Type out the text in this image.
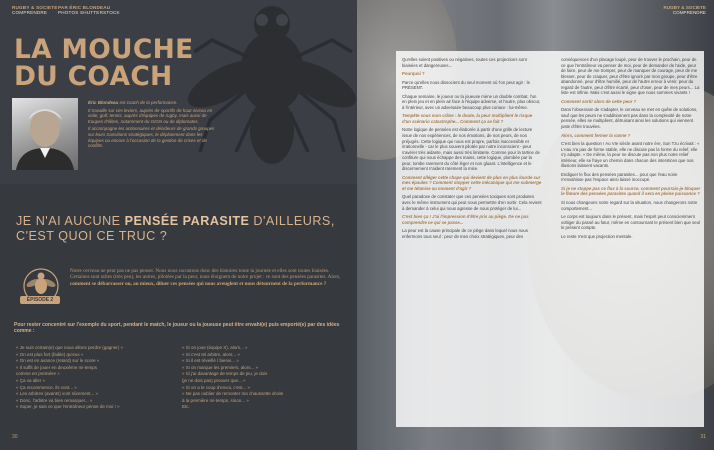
RUGBY & SOCIETE
COMPRENDRE
PAR ÉRIC BLONDEAU
PHOTOS SHUTTERSTOCK
LA MOUCHE
DU COACH

Éric Blondeau est coach de la performance.

Il travaille sur ces leviers, auprès de sportifs de haut niveau en voile, golf, tennis, auprès d'équipes de rugby, mais aussi de troupes d'élites, notamment du GIGN ou de diplomates.

Il accompagne les actionnaires et décideurs de grands groupes sur leurs transitions stratégiques, le déploiement dans les équipes ou encore à l'occasion de la gestion de crises et de conflits.

JE N'AI AUCUNE PENSÉE PARASITE D'AILLEURS, C'EST QUOI CE TRUC ?
ÉPISODE 2
Notre cerveau ne peut pas ne pas penser. Nous nous racontons donc des histoires toute la journée et elles sont toutes biaisées. Certaines sont utiles (très peu), les autres, pilotées par la peur, nous éloignent de notre projet : ce sont des pensées parasites. Alors, comment se débarrasser ou, au mieux, diluer ces pensées qui nous aveuglent et nous détournent de la performance ?
Pour rester concentré sur l'exemple du sport, pendant le match, le joueur ou la joueuse peut être envahi(e) puis emporté(e) par des idées comme :
« Je suis certain(e) que nous allons perdre (gagner) »
« On est plus fort (faible) qu'eux »
« On est en avance (retard) sur le score »
« Il suffit de jouer en deuxième mi-temps
comme en première »
« Ça va aller »
« Ça recommence, ils vont... »
« Les arbitres (avants) vont sûrement... »
« Donc, l'arbitre va bien remarquer... »
« Super, je sais ce que l'entraîneur pense de moi ! »
« Si on joue (équipe X), alors... »
« Si c'est tel arbitre, alors... »
« Si il est réveillé / bienvi... »
« Si on marque les premiers, alors... »
« Si j'ai davantage de temps de jeu, je dois
(je ne dois pas) prouver que... »
« Si on a le coup d'envoi, c'est... »
« Ne pas oublier de remonter ma chaussette droite
à la première mi-temps, sinon... »
Etc.
30
RUGBY & SOCIETE
COMPRENDRE
31

Qu'elles soient positives ou négatives, toutes ces projections sont biaisées et dangereuses...

Pourquoi ?

Parce qu'elles nous dissocient du seul moment où l'on peut agir : le PRÉSENT.

Chaque semaine, le joueur ou la joueuse mène un double combat, l'un en plein jeu et en plein air face à l'équipe adverse, et l'autre, plus obscur, à l'intérieur, avec un adversaire beaucoup plus coriace : lui-même.

Tempête sous mon crâne : le doute, la peur multiplient le risque d'un scénario catastrophe... Comment ça se fait ?

Notre logique de pensées est élaborée à partir d'une grille de lecture issue de nos expériences, de nos émotions, de nos peurs, de nos préjugés. Cette logique qui nous est propre, parfois inaccessible et irrationnelle - car le plus souvent pilotée par notre inconscient - peut s'avérer très aidante, mais aussi très limitante. Comme pour la tartine de confiture qui nous échappe des mains, cette logique, plombée par la peur, tombe rarement du côté léger et non gluant. L'intelligence et le discernement n'aident rarement la mise.

Comment alléger cette chape qui devient de plus en plus lourde sur mes épaules ? Comment stopper cette mécanique qui me submerge et me tétanise au moment d'agir ?

Quel paradoxe de constater que ces pensées toxiques sont produites avec le même instrument qui peut nous permettre d'en sortir. Cela revient à demander à celui qui nous agresse de nous protéger de lui...

C'est bien ça ! J'ai l'impression d'être pris au piège. De ne pas comprendre ce qui se passe...

La peur est la cause principale de ce piège dans lequel nous nous enfermons tous seul : peur de mes choix stratégiques, peur des

conséquences d'un placage loupé, peur de trouver le prochain, peur de ce que l'entraîneur va penser de moi, peur de demander de l'aide, peur de faire, peur de me tromper, peur de manquer de courage, peur de me blesser, peur de craquer, peur d'être ignoré par mon groupe, peur d'être abandonné, peur d'être humilié, peur de l'autre erreur à venir, peur du regard de l'autre, peur d'être écarté, peur d'oser, peur de mes peurs... La liste est infinie. Mais c'est aussi le signe que nous sommes vivants !

Comment sortir alors de cette peur ?

Dans l'obsession de s'adapter, le cerveau se met en quête de solutions, sauf que les peurs ne s'additionnent pas dans la complexité de notre pensée, elles se multiplient, détruisant ainsi les solutions qui viennent juste d'être trouvées.

Alors, comment fermer la vanne ?

C'est bien la question ! Au VIe siècle avant notre ère, Sun Tzu écrivait : « L'eau n'a pas de forme stable, elle ne discute pas la forme du relief, elle s'y adapte. » De même, la peur ne discute pas non plus notre relief intérieur, elle se fraye un chemin dans chacun des interstices que nos illusions laissent vacants.

Endiguer le flux des pensées parasites... pour que l'eau noire n'envahisse pas l'espace ainsi laissé inoccupé.

Si je ne stoppe pas ce flux à la source, comment pourrais-je bloquer le flœure des pensées parasites quand il sera en pleine puissance ?

Si nous changeons notre regard sur la situation, nous changerons notre comportement...

Le corps est toujours dans le présent, mais l'esprit peut consciemment voltiger du passé au futur, même en contournant le présent bien que seul le présent compte.

Le reste n'est que projection mentale.
